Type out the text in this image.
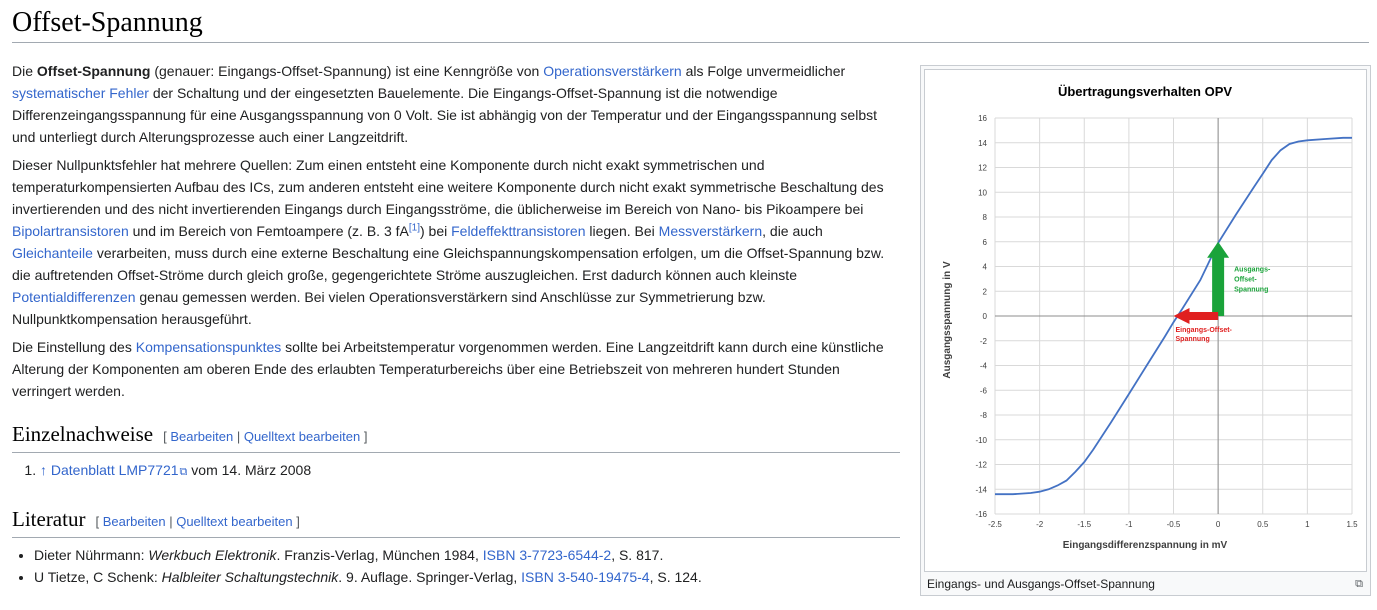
Offset-Spannung

Die Offset-Spannung (genauer: Eingangs-Offset-Spannung) ist eine Kenngröße von Operationsverstärkern als Folge unvermeidlicher systematischer Fehler der Schaltung und der eingesetzten Bauelemente. Die Eingangs-Offset-Spannung ist die notwendige Differenzeingangsspannung für eine Ausgangsspannung von 0 Volt. Sie ist abhängig von der Temperatur und der Eingangsspannung selbst und unterliegt durch Alterungsprozesse auch einer Langzeitdrift.

Dieser Nullpunktsfehler hat mehrere Quellen: Zum einen entsteht eine Komponente durch nicht exakt symmetrischen und temperaturkompensierten Aufbau des ICs, zum anderen entsteht eine weitere Komponente durch nicht exakt symmetrische Beschaltung des invertierenden und des nicht invertierenden Eingangs durch Eingangsströme, die üblicherweise im Bereich von Nano- bis Pikoampere bei Bipolartransistoren und im Bereich von Femtoampere (z. B. 3 fA[1]) bei Feldeffekttransistoren liegen. Bei Messverstärkern, die auch Gleichanteile verarbeiten, muss durch eine externe Beschaltung eine Gleichspannungskompensation erfolgen, um die Offset-Spannung bzw. die auftretenden Offset-Ströme durch gleich große, gegengerichtete Ströme auszugleichen. Erst dadurch können auch kleinste Potentialdifferenzen genau gemessen werden. Bei vielen Operationsverstärkern sind Anschlüsse zur Symmetrierung bzw. Nullpunktkompensation herausgeführt.

Die Einstellung des Kompensationspunktes sollte bei Arbeitstemperatur vorgenommen werden. Eine Langzeitdrift kann durch eine künstliche Alterung der Komponenten am oberen Ende des erlaubten Temperaturbereichs über eine Betriebszeit von mehreren hundert Stunden verringert werden.

Einzelnachweise [ Bearbeiten | Quelltext bearbeiten ]
1. ↑ Datenblatt LMP7721⧉ vom 14. März 2008
Literatur [ Bearbeiten | Quelltext bearbeiten ]
• Dieter Nührmann: Werkbuch Elektronik. Franzis-Verlag, München 1984, ISBN 3-7723-6544-2, S. 817.
• U Tietze, C Schenk: Halbleiter Schaltungstechnik. 9. Auflage. Springer-Verlag, ISBN 3-540-19475-4, S. 124.
Übertragungsverhalten OPV
-16
-14
-12
-10
-8
-6
-4
-2
0
2
4
6
8
10
12
14
16
-2.5	-2	-1.5	-1	-0.5	0	0.5	1	1.5
Ausgangs-
Offset-
Spannung
Eingangs-Offset-
Spannung
Eingangsdifferenzspannung in mV
Ausgangsspannung in V
Eingangs- und Ausgangs-Offset-Spannung	⧉
